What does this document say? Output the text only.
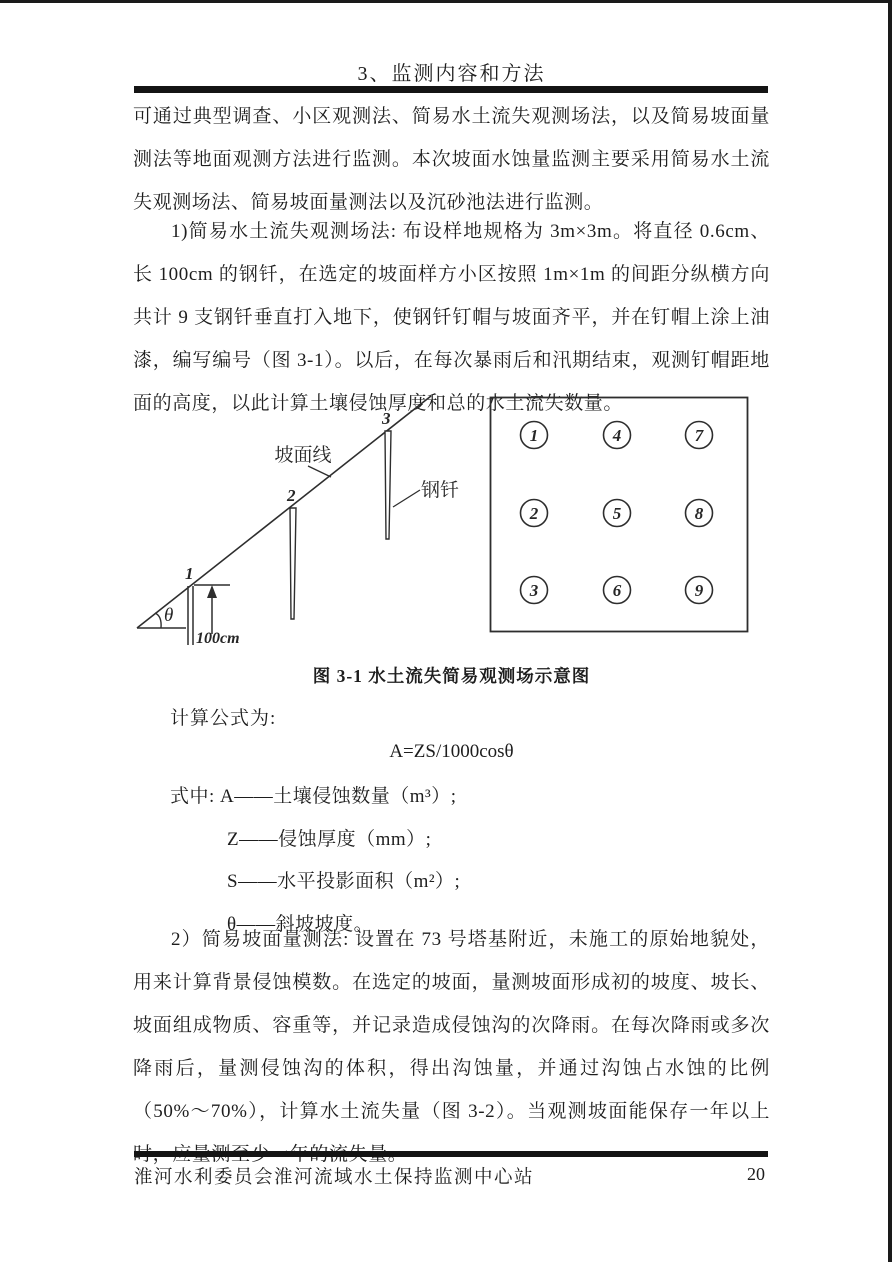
3、监测内容和方法
可通过典型调查、小区观测法、简易水土流失观测场法，以及简易坡面量测法等地面观测方法进行监测。本次坡面水蚀量监测主要采用简易水土流失观测场法、简易坡面量测法以及沉砂池法进行监测。
1)简易水土流失观测场法: 布设样地规格为 3m×3m。将直径 0.6cm、长 100cm 的钢钎，在选定的坡面样方小区按照 1m×1m 的间距分纵横方向共计 9 支钢钎垂直打入地下，使钢钎钉帽与坡面齐平，并在钉帽上涂上油漆，编写编号（图 3-1）。以后，在每次暴雨后和汛期结束，观测钉帽距地面的高度，以此计算土壤侵蚀厚度和总的水土流失数量。
θ
1
100cm
2
3
坡面线
钢钎
1	4	7
2	5	8
3	6	9
图 3-1 水土流失简易观测场示意图
计算公式为:
A=ZS/1000cosθ
式中: A——土壤侵蚀数量（m³）;
Z——侵蚀厚度（mm）;
S——水平投影面积（m²）;
θ——斜坡坡度。
2）简易坡面量测法: 设置在 73 号塔基附近，未施工的原始地貌处，用来计算背景侵蚀模数。在选定的坡面，量测坡面形成初的坡度、坡长、坡面组成物质、容重等，并记录造成侵蚀沟的次降雨。在每次降雨或多次降雨后，量测侵蚀沟的体积，得出沟蚀量，并通过沟蚀占水蚀的比例（50%～70%），计算水土流失量（图 3-2）。当观测坡面能保存一年以上时，应量测至少一年的流失量。
淮河水利委员会淮河流域水土保持监测中心站	20
